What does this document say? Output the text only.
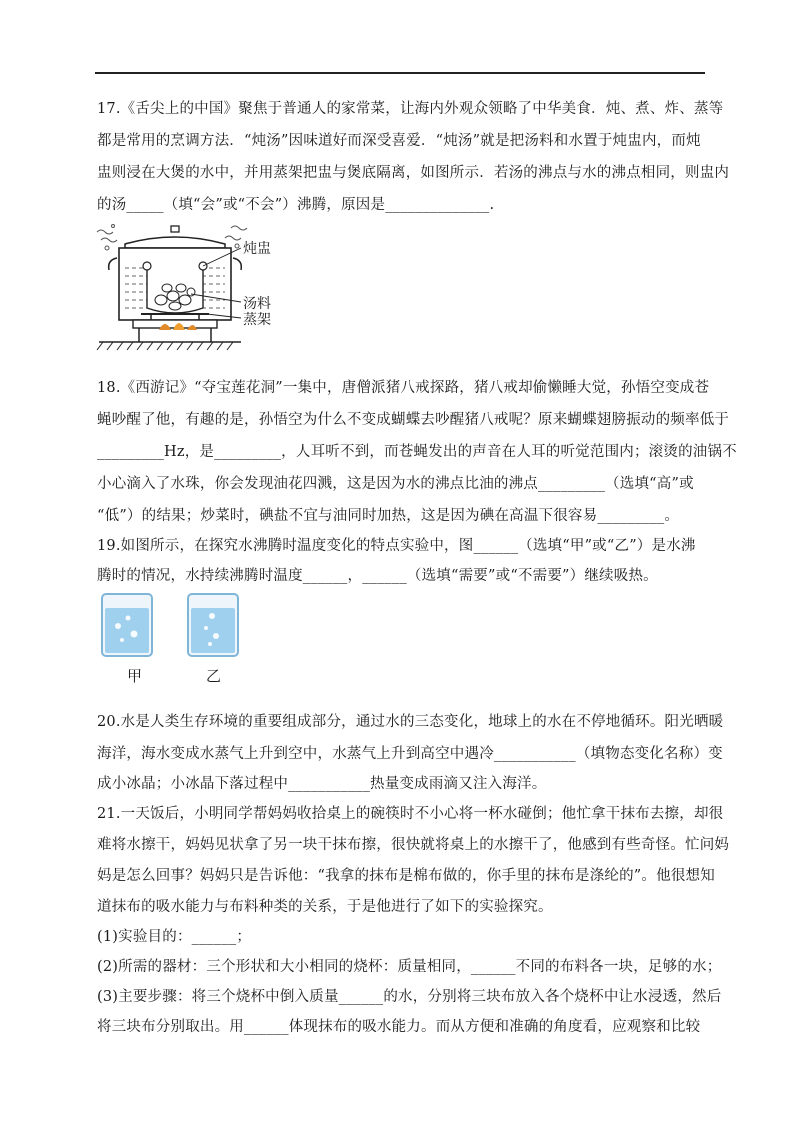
17.《舌尖上的中国》聚焦于普通人的家常菜，让海内外观众领略了中华美食．炖、煮、炸、蒸等
都是常用的烹调方法．“炖汤”因味道好而深受喜爱．“炖汤”就是把汤料和水置于炖盅内，而炖
盅则浸在大煲的水中，并用蒸架把盅与煲底隔离，如图所示．若汤的沸点与水的沸点相同，则盅内
的汤_____（填“会”或“不会”）沸腾，原因是______________.
炖盅
汤料
蒸架
18.《西游记》“夺宝莲花洞”一集中，唐僧派猪八戒探路，猪八戒却偷懒睡大觉，孙悟空变成苍
蝇吵醒了他，有趣的是，孙悟空为什么不变成蝴蝶去吵醒猪八戒呢？原来蝴蝶翅膀振动的频率低于
_________Hz，是_________，人耳听不到，而苍蝇发出的声音在人耳的听觉范围内；滚烫的油锅不
小心滴入了水珠，你会发现油花四溅，这是因为水的沸点比油的沸点_________（选填“高”或
“低”）的结果；炒菜时，碘盐不宜与油同时加热，这是因为碘在高温下很容易_________。
19.如图所示，在探究水沸腾时温度变化的特点实验中，图______（选填“甲”或“乙”）是水沸
腾时的情况，水持续沸腾时温度______，______（选填“需要”或“不需要”）继续吸热。
甲	乙
20.水是人类生存环境的重要组成部分，通过水的三态变化，地球上的水在不停地循环。阳光晒暖
海洋，海水变成水蒸气上升到空中，水蒸气上升到高空中遇冷___________（填物态变化名称）变
成小冰晶；小冰晶下落过程中___________热量变成雨滴又注入海洋。
21.一天饭后，小明同学帮妈妈收拾桌上的碗筷时不小心将一杯水碰倒；他忙拿干抹布去擦，却很
难将水擦干，妈妈见状拿了另一块干抹布擦，很快就将桌上的水擦干了，他感到有些奇怪。忙问妈
妈是怎么回事？妈妈只是告诉他：“我拿的抹布是棉布做的，你手里的抹布是涤纶的”。他很想知
道抹布的吸水能力与布料种类的关系，于是他进行了如下的实验探究。
(1)实验目的：______；
(2)所需的器材：三个形状和大小相同的烧杯：质量相同，______不同的布料各一块，足够的水；
(3)主要步骤：将三个烧杯中倒入质量______的水，分别将三块布放入各个烧杯中让水浸透，然后
将三块布分别取出。用______体现抹布的吸水能力。而从方便和准确的角度看，应观察和比较
